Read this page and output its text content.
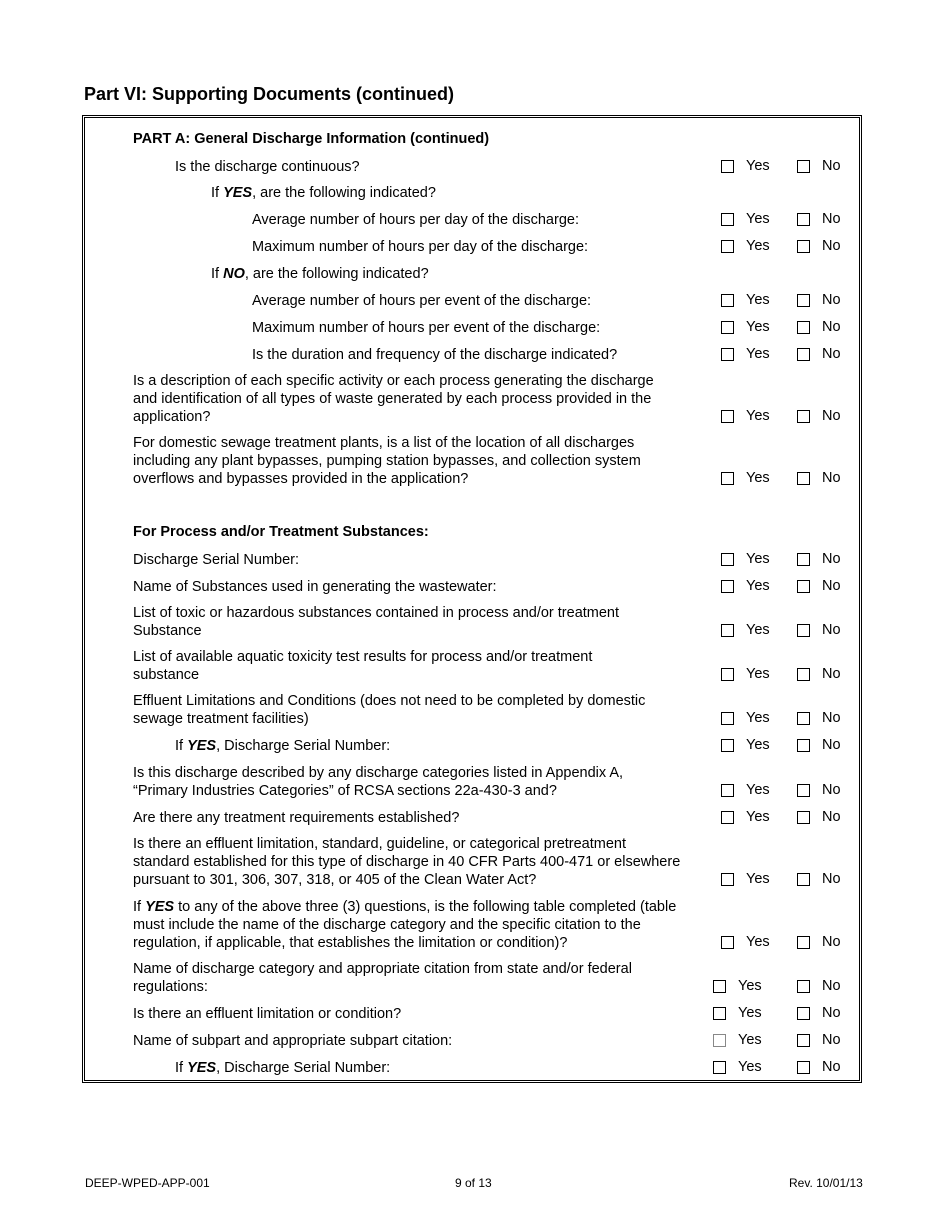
Part VI: Supporting Documents (continued)
PART A: General Discharge Information (continued)
Is the discharge continuous?	Yes	No
If YES, are the following indicated?
Average number of hours per day of the discharge:	Yes	No
Maximum number of hours per day of the discharge:	Yes	No
If NO, are the following indicated?
Average number of hours per event of the discharge:	Yes	No
Maximum number of hours per event of the discharge:	Yes	No
Is the duration and frequency of the discharge indicated?	Yes	No
Is a description of each specific activity or each process generating the discharge and identification of all types of waste generated by each process provided in the application?	Yes	No
For domestic sewage treatment plants, is a list of the location of all discharges including any plant bypasses, pumping station bypasses, and collection system overflows and bypasses provided in the application?	Yes	No
For Process and/or Treatment Substances:
Discharge Serial Number:	Yes	No
Name of Substances used in generating the wastewater:	Yes	No
List of toxic or hazardous substances contained in process and/or treatment Substance	Yes	No
List of available aquatic toxicity test results for process and/or treatment substance	Yes	No
Effluent Limitations and Conditions (does not need to be completed by domestic sewage treatment facilities)	Yes	No
If YES, Discharge Serial Number:	Yes	No
Is this discharge described by any discharge categories listed in Appendix A, “Primary Industries Categories” of RCSA sections 22a-430-3 and?	Yes	No
Are there any treatment requirements established?	Yes	No
Is there an effluent limitation, standard, guideline, or categorical pretreatment standard established for this type of discharge in 40 CFR Parts 400-471 or elsewhere pursuant to 301, 306, 307, 318, or 405 of the Clean Water Act?	Yes	No
If YES to any of the above three (3) questions, is the following table completed (table must include the name of the discharge category and the specific citation to the regulation, if applicable, that establishes the limitation or condition)?	Yes	No
Name of discharge category and appropriate citation from state and/or federal regulations:	Yes	No
Is there an effluent limitation or condition?	Yes	No
Name of subpart and appropriate subpart citation:	Yes	No
If YES, Discharge Serial Number:	Yes	No
DEEP-WPED-APP-001	9 of 13	Rev. 10/01/13
